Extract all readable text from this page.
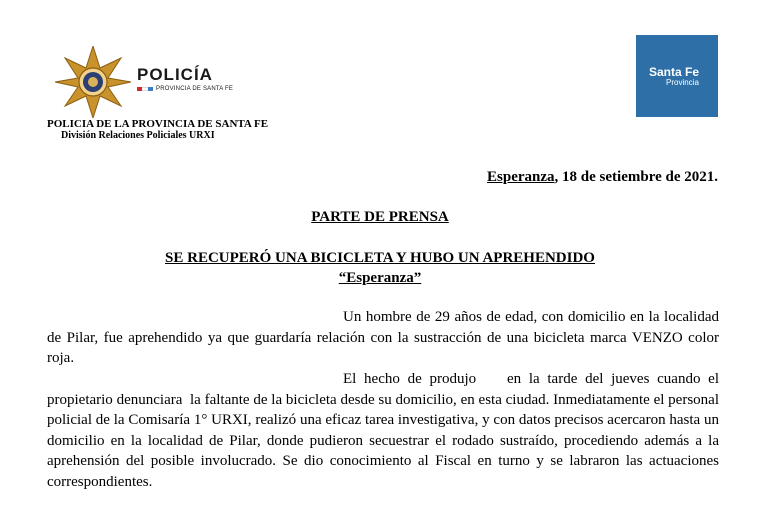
POLICÍA
PROVINCIA DE SANTA FE
POLICIA DE LA PROVINCIA DE SANTA FE
División Relaciones Policiales URXI
Santa Fe
Provincia
Esperanza, 18 de setiembre de 2021.
PARTE DE PRENSA
SE RECUPERÓ UNA BICICLETA Y HUBO UN APREHENDIDO
“Esperanza”

Un hombre de 29 años de edad, con domicilio en la localidad de Pilar, fue aprehendido ya que guardaría relación con la sustracción de una bicicleta marca VENZO color roja.

El hecho de produjo    en la tarde del jueves cuando el propietario denunciara  la faltante de la bicicleta desde su domicilio, en esta ciudad. Inmediatamente el personal policial de la Comisaría 1° URXI, realizó una eficaz tarea investigativa, y con datos precisos acercaron hasta un domicilio en la localidad de Pilar, donde pudieron secuestrar el rodado sustraído, procediendo además a la aprehensión del posible involucrado. Se dio conocimiento al Fiscal en turno y se labraron las actuaciones correspondientes.
